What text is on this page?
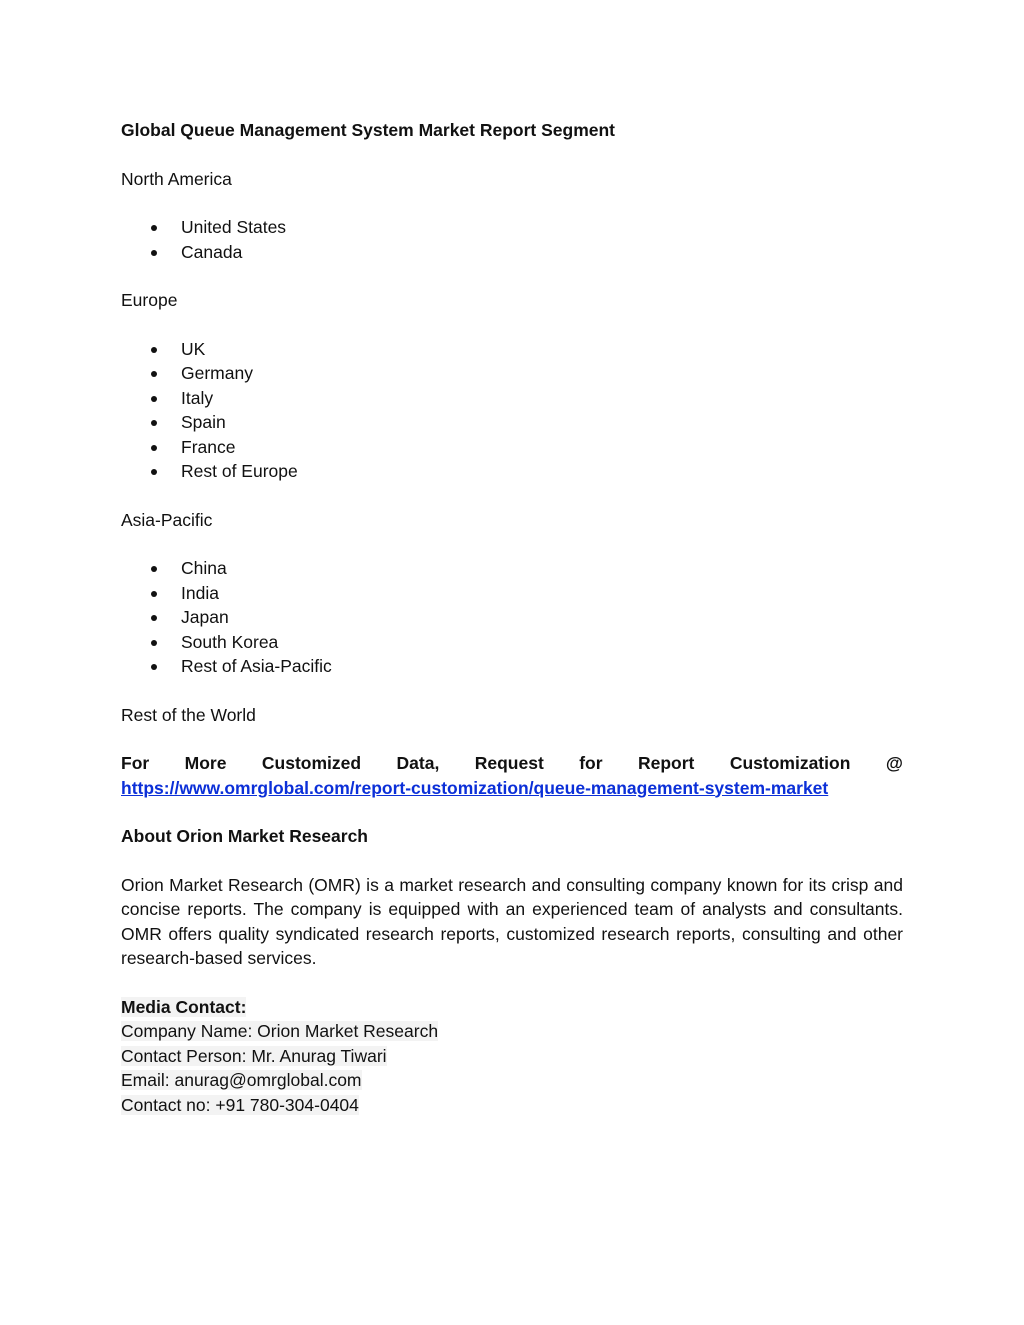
Global Queue Management System Market Report Segment
North America
United States
Canada
Europe
UK
Germany
Italy
Spain
France
Rest of Europe
Asia-Pacific
China
India
Japan
South Korea
Rest of Asia-Pacific
Rest of the World
For More Customized Data, Request for Report Customization @
https://www.omrglobal.com/report-customization/queue-management-system-market
About Orion Market Research
Orion Market Research (OMR) is a market research and consulting company known for its crisp and concise reports. The company is equipped with an experienced team of analysts and consultants. OMR offers quality syndicated research reports, customized research reports, consulting and other research-based services.
Media Contact:
Company Name: Orion Market Research
Contact Person: Mr. Anurag Tiwari
Email: anurag@omrglobal.com
Contact no: +91 780-304-0404
